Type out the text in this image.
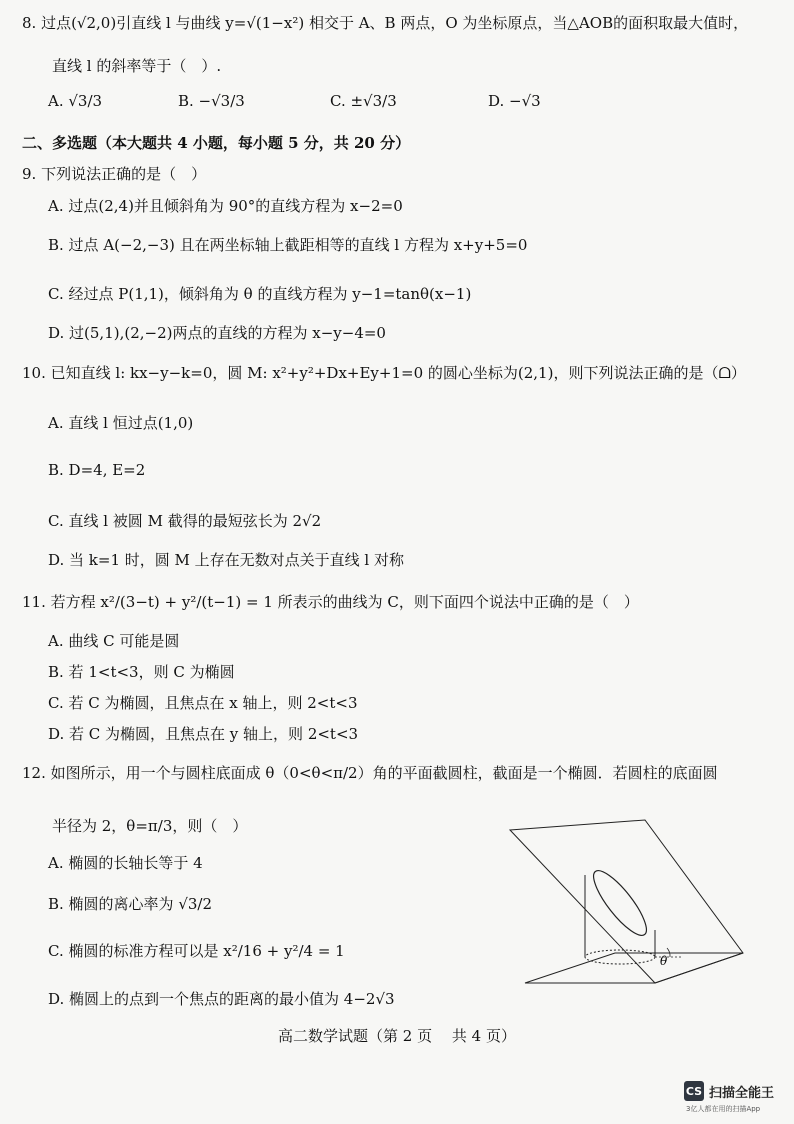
8. 过点(√2,0)引直线 l 与曲线 y=√(1−x²) 相交于 A、B 两点，O 为坐标原点，当△AOB的面积取最大值时，
直线 l 的斜率等于（　）.
A. √3/3	B. −√3/3	C. ±√3/3	D. −√3
二、多选题（本大题共 4 小题，每小题 5 分，共 20 分）
9. 下列说法正确的是（　）
A. 过点(2,4)并且倾斜角为 90°的直线方程为 x−2=0
B. 过点 A(−2,−3) 且在两坐标轴上截距相等的直线 l 方程为 x+y+5=0
C. 经过点 P(1,1)，倾斜角为 θ 的直线方程为 y−1=tanθ(x−1)
D. 过(5,1),(2,−2)两点的直线的方程为 x−y−4=0
10. 已知直线 l: kx−y−k=0，圆 M: x²+y²+Dx+Ey+1=0 的圆心坐标为(2,1)，则下列说法正确的是（ᗝ）
A. 直线 l 恒过点(1,0)
B. D=4, E=2
C. 直线 l 被圆 M 截得的最短弦长为 2√2
D. 当 k=1 时，圆 M 上存在无数对点关于直线 l 对称
11. 若方程 x²/(3−t) + y²/(t−1) = 1 所表示的曲线为 C，则下面四个说法中正确的是（　）
A. 曲线 C 可能是圆
B. 若 1<t<3，则 C 为椭圆
C. 若 C 为椭圆，且焦点在 x 轴上，则 2<t<3
D. 若 C 为椭圆，且焦点在 y 轴上，则 2<t<3
12. 如图所示，用一个与圆柱底面成 θ（0<θ<π/2）角的平面截圆柱，截面是一个椭圆．若圆柱的底面圆
半径为 2，θ=π/3，则（　）
A. 椭圆的长轴长等于 4
B. 椭圆的离心率为 √3/2
C. 椭圆的标准方程可以是 x²/16 + y²/4 = 1
D. 椭圆上的点到一个焦点的距离的最小值为 4−2√3
θ
高二数学试题（第 2 页　 共 4 页）
CS 扫描全能王
3亿人都在用的扫描App
